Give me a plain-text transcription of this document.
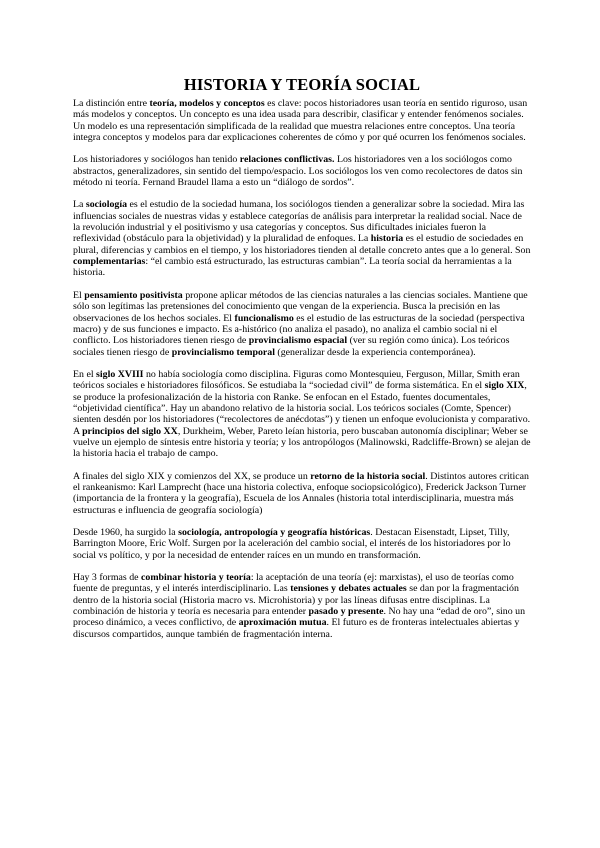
HISTORIA Y TEORÍA SOCIAL

La distinción entre teoría, modelos y conceptos es clave: pocos historiadores usan teoría en sentido riguroso, usan más modelos y conceptos. Un concepto es una idea usada para describir, clasificar y entender fenómenos sociales. Un modelo es una representación simplificada de la realidad que muestra relaciones entre conceptos. Una teoría integra conceptos y modelos para dar explicaciones coherentes de cómo y por qué ocurren los fenómenos sociales.

Los historiadores y sociólogos han tenido relaciones conflictivas. Los historiadores ven a los sociólogos como abstractos, generalizadores, sin sentido del tiempo/espacio. Los sociólogos los ven como recolectores de datos sin método ni teoría. Fernand Braudel llama a esto un “diálogo de sordos”.

La sociología es el estudio de la sociedad humana, los sociólogos tienden a generalizar sobre la sociedad. Mira las influencias sociales de nuestras vidas y establece categorías de análisis para interpretar la realidad social. Nace de la revolución industrial y el positivismo y usa categorías y conceptos. Sus dificultades iniciales fueron la reflexividad (obstáculo para la objetividad) y la pluralidad de enfoques. La historia es el estudio de sociedades en plural, diferencias y cambios en el tiempo, y los historiadores tienden al detalle concreto antes que a lo general. Son complementarias: “el cambio está estructurado, las estructuras cambian”. La teoría social da herramientas a la historia.

El pensamiento positivista propone aplicar métodos de las ciencias naturales a las ciencias sociales. Mantiene que sólo son legítimas las pretensiones del conocimiento que vengan de la experiencia. Busca la precisión en las observaciones de los hechos sociales. El funcionalismo es el estudio de las estructuras de la sociedad (perspectiva macro) y de sus funciones e impacto. Es a-histórico (no analiza el pasado), no analiza el cambio social ni el conflicto. Los historiadores tienen riesgo de provincialismo espacial (ver su región como única). Los teóricos sociales tienen riesgo de provincialismo temporal (generalizar desde la experiencia contemporánea).

En el siglo XVIII no había sociología como disciplina. Figuras como Montesquieu, Ferguson, Millar, Smith eran teóricos sociales e historiadores filosóficos. Se estudiaba la “sociedad civil” de forma sistemática. En el siglo XIX, se produce la profesionalización de la historia con Ranke. Se enfocan en el Estado, fuentes documentales, “objetividad científica”. Hay un abandono relativo de la historia social. Los teóricos sociales (Comte, Spencer) sienten desdén por los historiadores (“recolectores de anécdotas”) y tienen un enfoque evolucionista y comparativo. A principios del siglo XX, Durkheim, Weber, Pareto leían historia, pero buscaban autonomía disciplinar; Weber se vuelve un ejemplo de síntesis entre historia y teoría; y los antropólogos (Malinowski, Radcliffe-Brown) se alejan de la historia hacia el trabajo de campo.

A finales del siglo XIX y comienzos del XX, se produce un retorno de la historia social. Distintos autores critican el rankeanismo: Karl Lamprecht (hace una historia colectiva, enfoque sociopsicológico), Frederick Jackson Turner (importancia de la frontera y la geografía), Escuela de los Annales (historia total interdisciplinaria, muestra más estructuras e influencia de geografía sociología)

Desde 1960, ha surgido la sociología, antropología y geografía históricas. Destacan Eisenstadt, Lipset, Tilly, Barrington Moore, Eric Wolf. Surgen por la aceleración del cambio social, el interés de los historiadores por lo social vs político, y por la necesidad de entender raíces en un mundo en transformación.

Hay 3 formas de combinar historia y teoría: la aceptación de una teoría (ej: marxistas), el uso de teorías como fuente de preguntas, y el interés interdisciplinario. Las tensiones y debates actuales se dan por la fragmentación dentro de la historia social (Historia macro vs. Microhistoria) y por las líneas difusas entre disciplinas. La combinación de historia y teoría es necesaria para entender pasado y presente. No hay una “edad de oro”, sino un proceso dinámico, a veces conflictivo, de aproximación mutua. El futuro es de fronteras intelectuales abiertas y discursos compartidos, aunque también de fragmentación interna.
